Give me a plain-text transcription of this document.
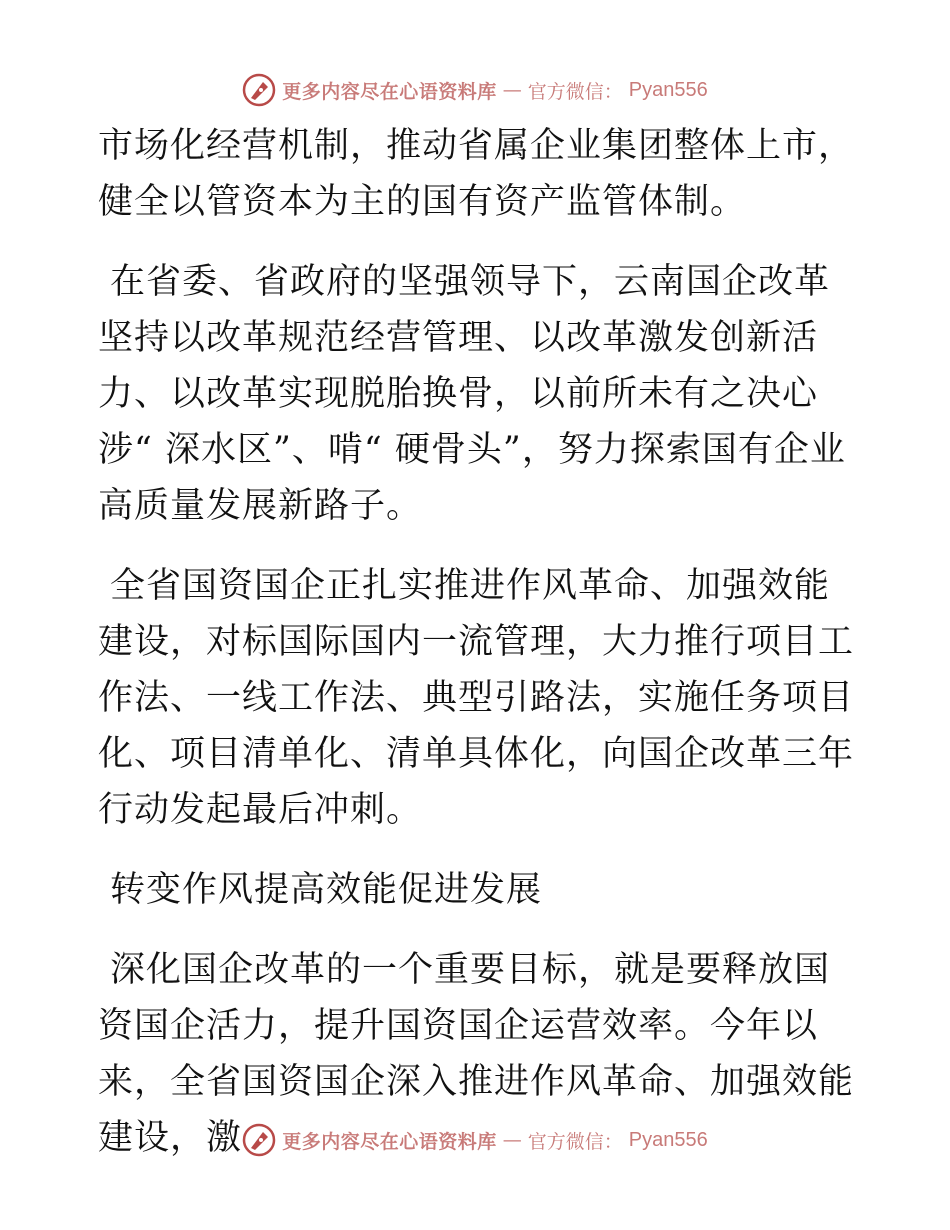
更多内容尽在心语资料库 — 官方微信： Pyan556

市场化经营机制，推动省属企业集团整体上市，健全以管资本为主的国有资产监管体制。

在省委、省政府的坚强领导下，云南国企改革坚持以改革规范经营管理、以改革激发创新活力、以改革实现脱胎换骨，以前所未有之决心涉“ 深水区”、啃“ 硬骨头”，努力探索国有企业高质量发展新路子。

全省国资国企正扎实推进作风革命、加强效能建设，对标国际国内一流管理，大力推行项目工作法、一线工作法、典型引路法，实施任务项目化、项目清单化、清单具体化，向国企改革三年行动发起最后冲刺。

转变作风提高效能促进发展

深化国企改革的一个重要目标，就是要释放国资国企活力，提升国资国企运营效率。今年以来，全省国资国企深入推进作风革命、加强效能建设，激	更多内容尽在心语资料库 — 官方微信： Pyan556
